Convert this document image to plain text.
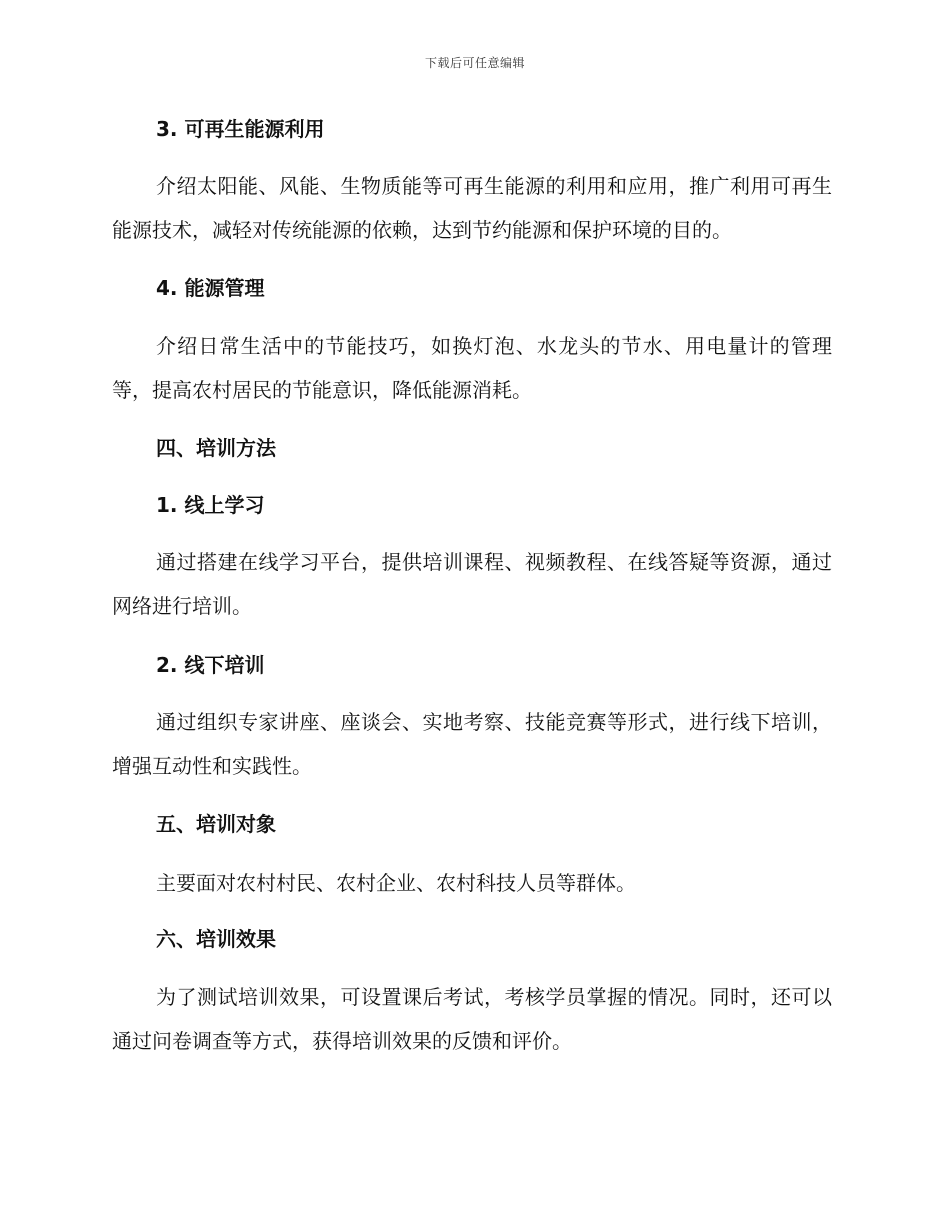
下载后可任意编辑
3. 可再生能源利用

介绍太阳能、风能、生物质能等可再生能源的利用和应用，推广利用可再生能源技术，减轻对传统能源的依赖，达到节约能源和保护环境的目的。

4. 能源管理

介绍日常生活中的节能技巧，如换灯泡、水龙头的节水、用电量计的管理等，提高农村居民的节能意识，降低能源消耗。

四、培训方法
1. 线上学习

通过搭建在线学习平台，提供培训课程、视频教程、在线答疑等资源，通过网络进行培训。

2. 线下培训

通过组织专家讲座、座谈会、实地考察、技能竞赛等形式，进行线下培训，增强互动性和实践性。

五、培训对象

主要面对农村村民、农村企业、农村科技人员等群体。

六、培训效果

为了测试培训效果，可设置课后考试，考核学员掌握的情况。同时，还可以通过问卷调查等方式，获得培训效果的反馈和评价。
